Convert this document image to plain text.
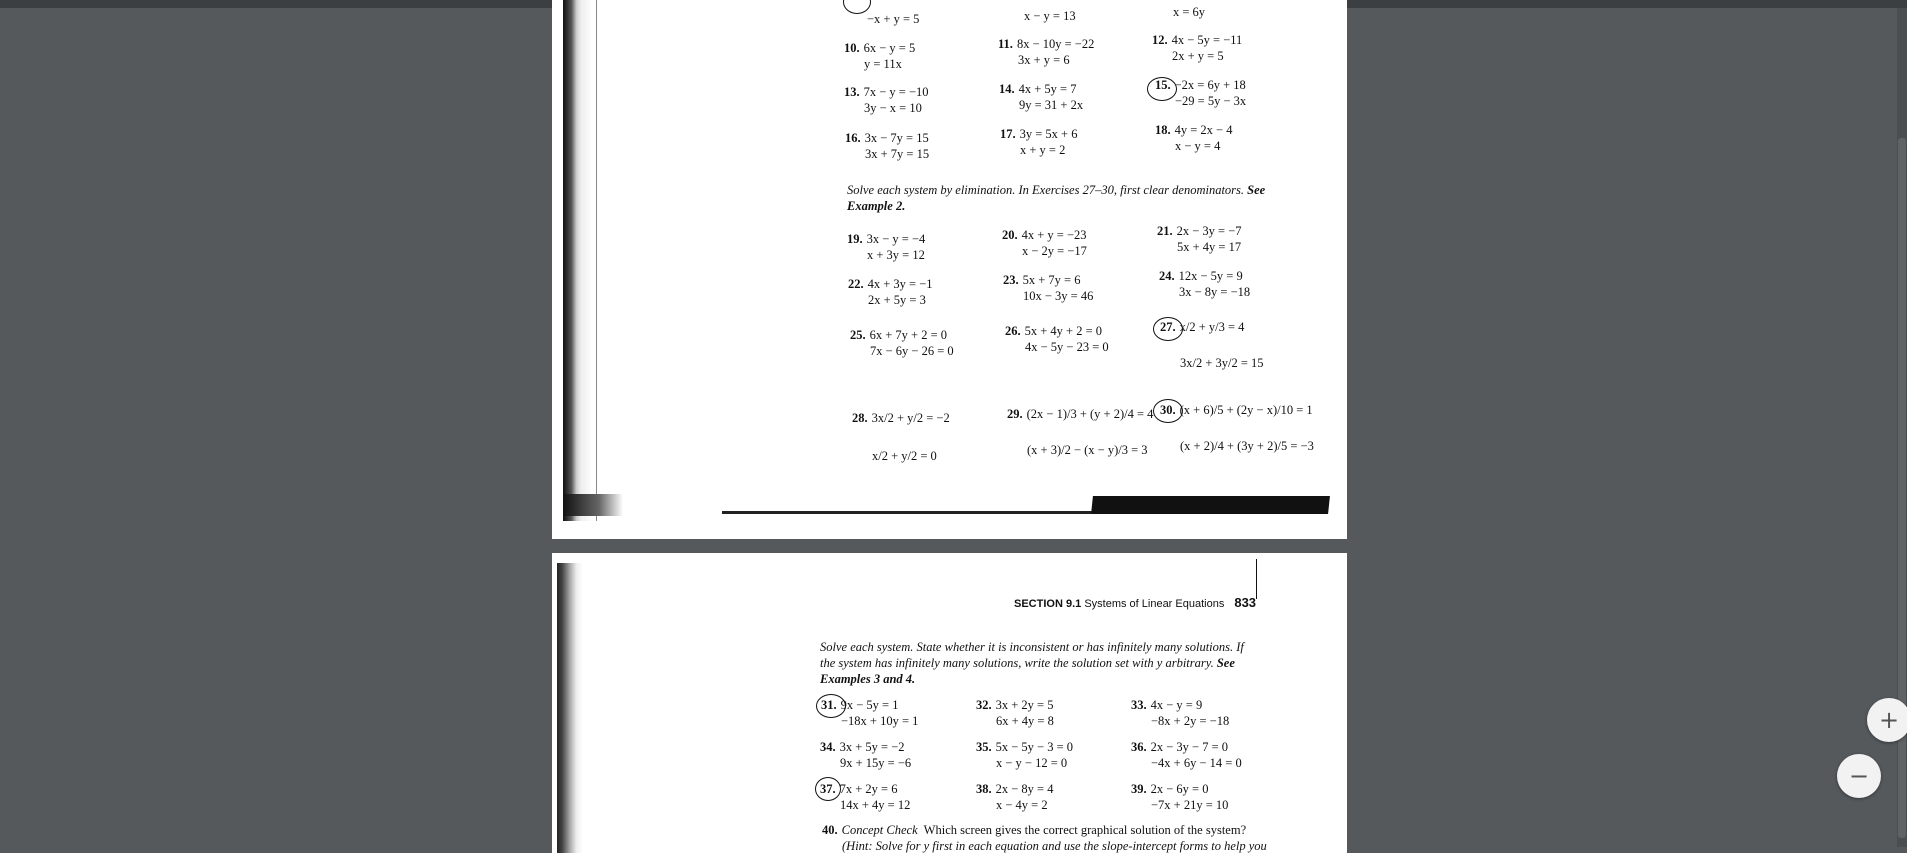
−x + y = 5	x − y = 13	x = 6y
10. 6x − y = 5
y = 11x
11. 8x − 10y = −22
3x + y = 6
12. 4x − 5y = −11
2x + y = 5
13. 7x − y = −10
3y − x = 10
14. 4x + 5y = 7
9y = 31 + 2x
15. −2x = 6y + 18
−29 = 5y − 3x
16. 3x − 7y = 15
3x + 7y = 15
17. 3y = 5x + 6
x + y = 2
18. 4y = 2x − 4
x − y = 4
Solve each system by elimination. In Exercises 27–30, first clear denominators. See
Example 2.
19. 3x − y = −4
x + 3y = 12
20. 4x + y = −23
x − 2y = −17
21. 2x − 3y = −7
5x + 4y = 17
22. 4x + 3y = −1
2x + 5y = 3
23. 5x + 7y = 6
10x − 3y = 46
24. 12x − 5y = 9
3x − 8y = −18
25. 6x + 7y + 2 = 0
7x − 6y − 26 = 0
26. 5x + 4y + 2 = 0
4x − 5y − 23 = 0
27. x/2 + y/3 = 4
3x/2 + 3y/2 = 15
28. 3x/2 + y/2 = −2
x/2 + y/2 = 0
29. (2x − 1)/3 + (y + 2)/4 = 4
(x + 3)/2 − (x − y)/3 = 3
30. (x + 6)/5 + (2y − x)/10 = 1
(x + 2)/4 + (3y + 2)/5 = −3
SECTION 9.1 Systems of Linear Equations 833
Solve each system. State whether it is inconsistent or has infinitely many solutions. If
the system has infinitely many solutions, write the solution set with y arbitrary. See
Examples 3 and 4.
31. 9x − 5y = 1
−18x + 10y = 1
32. 3x + 2y = 5
6x + 4y = 8
33. 4x − y = 9
−8x + 2y = −18
34. 3x + 5y = −2
9x + 15y = −6
35. 5x − 5y − 3 = 0
x − y − 12 = 0
36. 2x − 3y − 7 = 0
−4x + 6y − 14 = 0
37. 7x + 2y = 6
14x + 4y = 12
38. 2x − 8y = 4
x − 4y = 2
39. 2x − 6y = 0
−7x + 21y = 10
40. Concept Check Which screen gives the correct graphical solution of the system?
(Hint: Solve for y first in each equation and use the slope-intercept forms to help you
+
−
